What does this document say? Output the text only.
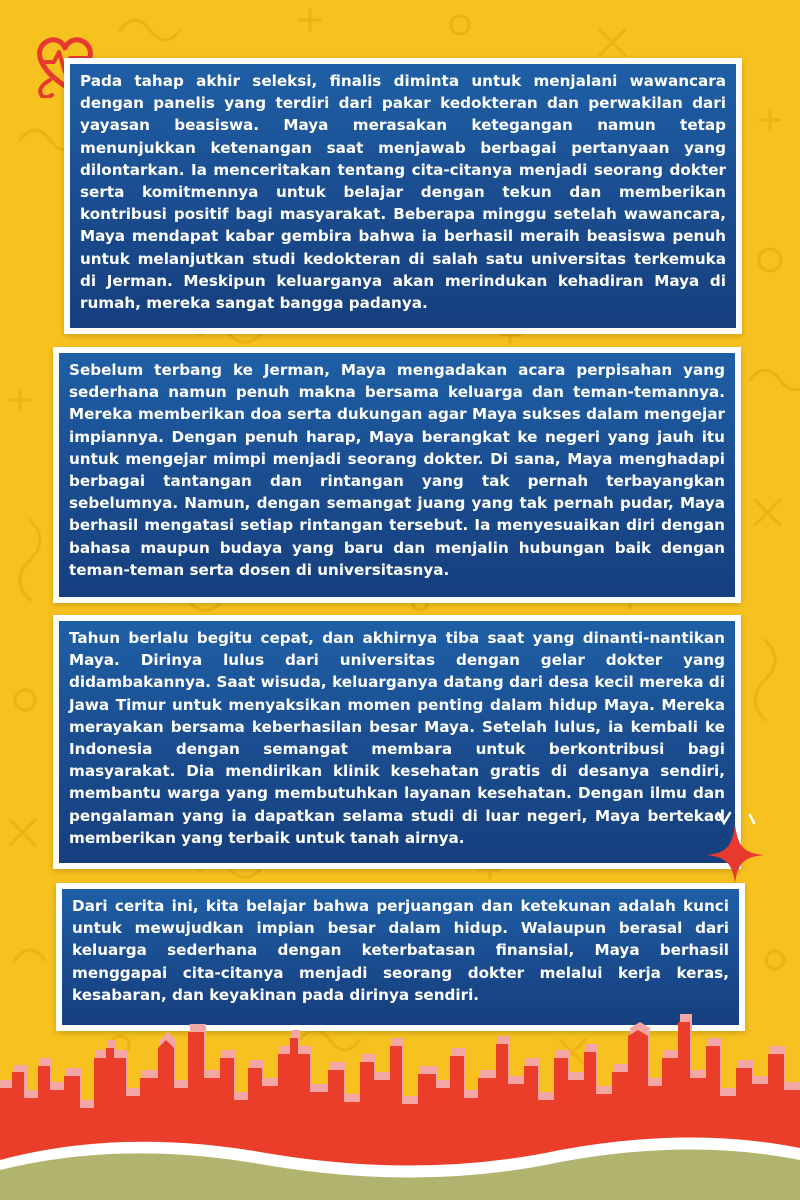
Pada tahap akhir seleksi, finalis diminta untuk menjalani wawancara dengan panelis yang terdiri dari pakar kedokteran dan perwakilan dari yayasan beasiswa. Maya merasakan ketegangan namun tetap menunjukkan ketenangan saat menjawab berbagai pertanyaan yang dilontarkan. Ia menceritakan tentang cita-citanya menjadi seorang dokter serta komitmennya untuk belajar dengan tekun dan memberikan kontribusi positif bagi masyarakat. Beberapa minggu setelah wawancara, Maya mendapat kabar gembira bahwa ia berhasil meraih beasiswa penuh untuk melanjutkan studi kedokteran di salah satu universitas terkemuka di Jerman. Meskipun keluarganya akan merindukan kehadiran Maya di rumah, mereka sangat bangga padanya.
Sebelum terbang ke Jerman, Maya mengadakan acara perpisahan yang sederhana namun penuh makna bersama keluarga dan teman-temannya. Mereka memberikan doa serta dukungan agar Maya sukses dalam mengejar impiannya. Dengan penuh harap, Maya berangkat ke negeri yang jauh itu untuk mengejar mimpi menjadi seorang dokter. Di sana, Maya menghadapi berbagai tantangan dan rintangan yang tak pernah terbayangkan sebelumnya. Namun, dengan semangat juang yang tak pernah pudar, Maya berhasil mengatasi setiap rintangan tersebut. Ia menyesuaikan diri dengan bahasa maupun budaya yang baru dan menjalin hubungan baik dengan teman-teman serta dosen di universitasnya.
Tahun berlalu begitu cepat, dan akhirnya tiba saat yang dinanti-nantikan Maya. Dirinya lulus dari universitas dengan gelar dokter yang didambakannya. Saat wisuda, keluarganya datang dari desa kecil mereka di Jawa Timur untuk menyaksikan momen penting dalam hidup Maya. Mereka merayakan bersama keberhasilan besar Maya. Setelah lulus, ia kembali ke Indonesia dengan semangat membara untuk berkontribusi bagi masyarakat. Dia mendirikan klinik kesehatan gratis di desanya sendiri, membantu warga yang membutuhkan layanan kesehatan. Dengan ilmu dan pengalaman yang ia dapatkan selama studi di luar negeri, Maya bertekad memberikan yang terbaik untuk tanah airnya.
Dari cerita ini, kita belajar bahwa perjuangan dan ketekunan adalah kunci untuk mewujudkan impian besar dalam hidup. Walaupun berasal dari keluarga sederhana dengan keterbatasan finansial, Maya berhasil menggapai cita-citanya menjadi seorang dokter melalui kerja keras, kesabaran, dan keyakinan pada dirinya sendiri.
